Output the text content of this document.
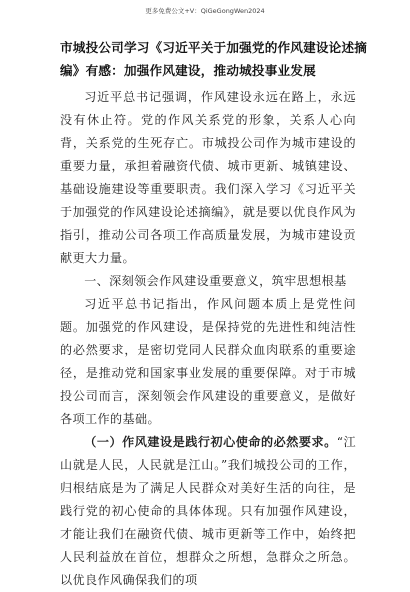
更多免费公文+V：QiGeGongWen2024
市城投公司学习《习近平关于加强党的作风建设论述摘
编》有感：加强作风建设，推动城投事业发展

习近平总书记强调，作风建设永远在路上，永远没有休止符。党的作风关系党的形象，关系人心向背，关系党的生死存亡。市城投公司作为城市建设的重要力量，承担着融资代债、城市更新、城镇建设、基础设施建设等重要职责。我们深入学习《习近平关于加强党的作风建设论述摘编》，就是要以优良作风为指引，推动公司各项工作高质量发展，为城市建设贡献更大力量。

一、深刻领会作风建设重要意义，筑牢思想根基

习近平总书记指出，作风问题本质上是党性问题。加强党的作风建设，是保持党的先进性和纯洁性的必然要求，是密切党同人民群众血肉联系的重要途径，是推动党和国家事业发展的重要保障。对于市城投公司而言，深刻领会作风建设的重要意义，是做好各项工作的基础。

（一）作风建设是践行初心使命的必然要求。“江山就是人民，人民就是江山。”我们城投公司的工作，归根结底是为了满足人民群众对美好生活的向往，是践行党的初心使命的具体体现。只有加强作风建设，才能让我们在融资代债、城市更新等工作中，始终把人民利益放在首位，想群众之所想，急群众之所急。以优良作风确保我们的项
